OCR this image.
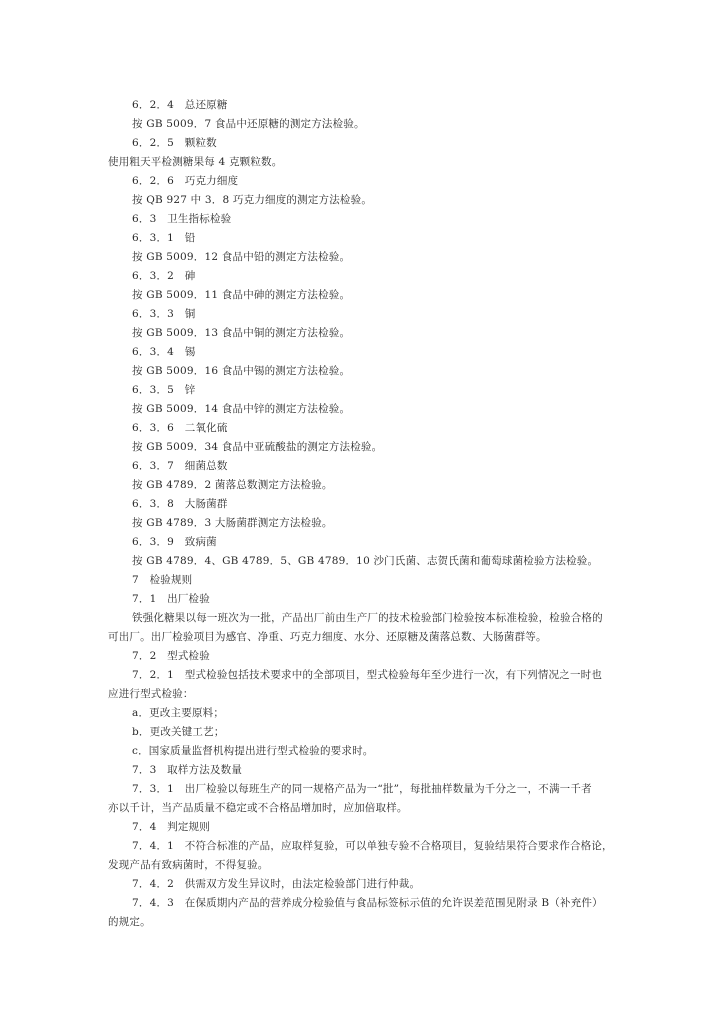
6．2．4　总还原糖
按 GB 5009．7 食品中还原糖的测定方法检验。
6．2．5　颗粒数
使用粗天平检测糖果每 4 克颗粒数。
6．2．6　巧克力细度
按 QB 927 中 3．8 巧克力细度的测定方法检验。
6．3　卫生指标检验
6．3．1　铅
按 GB 5009．12 食品中铅的测定方法检验。
6．3．2　砷
按 GB 5009．11 食品中砷的测定方法检验。
6．3．3　铜
按 GB 5009．13 食品中铜的测定方法检验。
6．3．4　锡
按 GB 5009．16 食品中锡的测定方法检验。
6．3．5　锌
按 GB 5009．14 食品中锌的测定方法检验。
6．3．6　二氧化硫
按 GB 5009．34 食品中亚硫酸盐的测定方法检验。
6．3．7　细菌总数
按 GB 4789．2 菌落总数测定方法检验。
6．3．8　大肠菌群
按 GB 4789．3 大肠菌群测定方法检验。
6．3．9　致病菌
按 GB 4789．4、GB 4789．5、GB 4789．10 沙门氏菌、志贺氏菌和葡萄球菌检验方法检验。
7　检验规则
7．1　出厂检验
铁强化糖果以每一班次为一批，产品出厂前由生产厂的技术检验部门检验按本标准检验，检验合格的
可出厂。出厂检验项目为感官、净重、巧克力细度、水分、还原糖及菌落总数、大肠菌群等。
7．2　型式检验
7．2．1　型式检验包括技术要求中的全部项目，型式检验每年至少进行一次，有下列情况之一时也
应进行型式检验：
a．更改主要原料；
b．更改关键工艺；
c．国家质量监督机构提出进行型式检验的要求时。
7．3　取样方法及数量
7．3．1　出厂检验以每班生产的同一规格产品为一“批”，每批抽样数量为千分之一，不满一千者
亦以千计，当产品质量不稳定或不合格品增加时，应加倍取样。
7．4　判定规则
7．4．1　不符合标准的产品，应取样复验，可以单独专验不合格项目，复验结果符合要求作合格论，
发现产品有致病菌时，不得复验。
7．4．2　供需双方发生异议时，由法定检验部门进行仲裁。
7．4．3　在保质期内产品的营养成分检验值与食品标签标示值的允许误差范围见附录 B（补充件）
的规定。
